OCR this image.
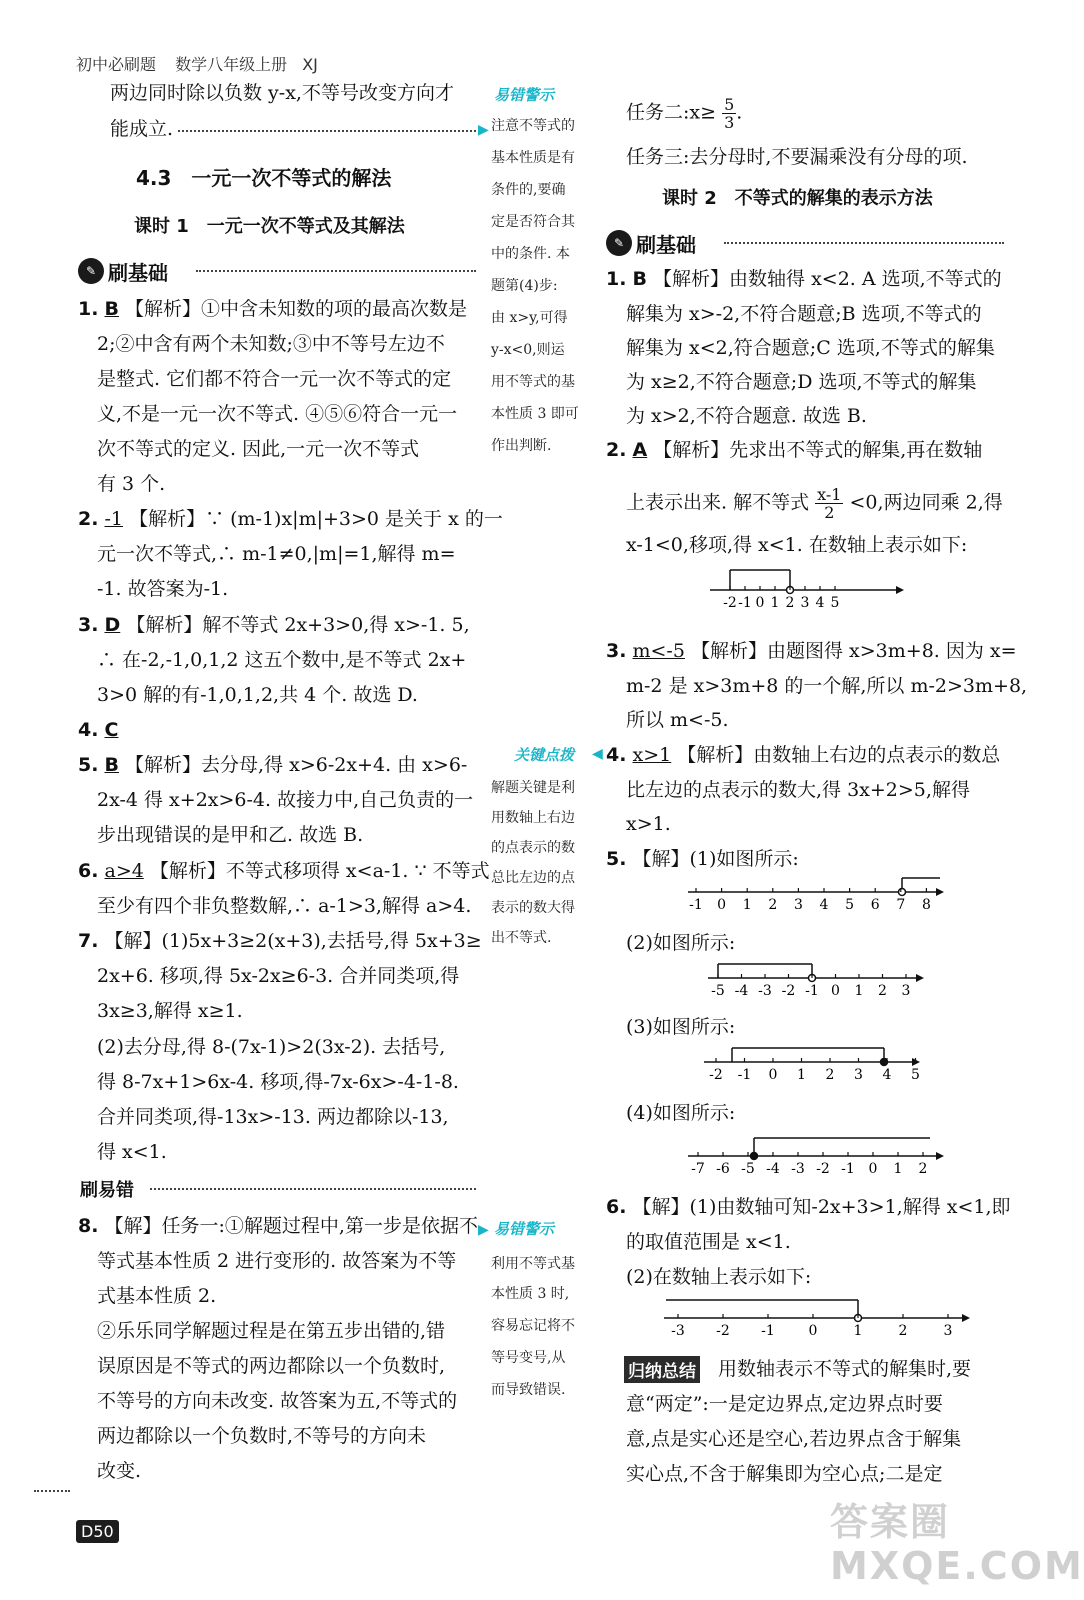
初中必刷题 数学八年级上册 XJ
两边同时除以负数 y-x,不等号改变方向才
能成立.
4.3　一元一次不等式的解法
课时 1　一元一次不等式及其解法
✎ 刷基础
1. B 【解析】①中含未知数的项的最高次数是
2;②中含有两个未知数;③中不等号左边不
是整式. 它们都不符合一元一次不等式的定
义,不是一元一次不等式. ④⑤⑥符合一元一
次不等式的定义. 因此,一元一次不等式
有 3 个.
2. -1 【解析】∵ (m-1)x|m|+3>0 是关于 x 的一
元一次不等式,∴ m-1≠0,|m|=1,解得 m=
-1. 故答案为-1.
3. D 【解析】解不等式 2x+3>0,得 x>-1. 5,
∴ 在-2,-1,0,1,2 这五个数中,是不等式 2x+
3>0 解的有-1,0,1,2,共 4 个. 故选 D.
4. C
5. B 【解析】去分母,得 x>6-2x+4. 由 x>6-
2x-4 得 x+2x>6-4. 故接力中,自己负责的一
步出现错误的是甲和乙. 故选 B.
6. a>4 【解析】不等式移项得 x<a-1. ∵ 不等式
至少有四个非负整数解,∴ a-1>3,解得 a>4.
7. 【解】(1)5x+3≥2(x+3),去括号,得 5x+3≥
2x+6. 移项,得 5x-2x≥6-3. 合并同类项,得
3x≥3,解得 x≥1.
(2)去分母,得 8-(7x-1)>2(3x-2). 去括号,
得 8-7x+1>6x-4. 移项,得-7x-6x>-4-1-8.
合并同类项,得-13x>-13. 两边都除以-13,
得 x<1.
刷易错
8. 【解】任务一:①解题过程中,第一步是依据不
等式基本性质 2 进行变形的. 故答案为不等
式基本性质 2.
②乐乐同学解题过程是在第五步出错的,错
误原因是不等式的两边都除以一个负数时,
不等号的方向未改变. 故答案为五,不等式的
两边都除以一个负数时,不等号的方向未
改变.
D50
易错警示
▶ 注意不等式的
基本性质是有
条件的,要确
定是否符合其
中的条件. 本
题第(4)步:
由 x>y,可得
y-x<0,则运
用不等式的基
本性质 3 即可
作出判断.
关键点拨 ◀
解题关键是利
用数轴上右边
的点表示的数
总比左边的点
表示的数大得
出不等式.
▶ 易错警示
利用不等式基
本性质 3 时,
容易忘记将不
等号变号,从
而导致错误.
任务二:x≥ $\frac{5}{3}$ .
任务三:去分母时,不要漏乘没有分母的项.
课时 2　不等式的解集的表示方法
✎ 刷基础
1. B 【解析】由数轴得 x<2. A 选项,不等式的
解集为 x>-2,不符合题意;B 选项,不等式的
解集为 x<2,符合题意;C 选项,不等式的解集
为 x≥2,不符合题意;D 选项,不等式的解集
为 x>2,不符合题意. 故选 B.
2. A 【解析】先求出不等式的解集,再在数轴
上表示出来. 解不等式 $\frac{x-1}{2} <0$,两边同乘 2,得
x-1<0,移项,得 x<1. 在数轴上表示如下:
-2 -1 0 1 2 3 4 5
3. m<-5 【解析】由题图得 x>3m+8. 因为 x=
m-2 是 x>3m+8 的一个解,所以 m-2>3m+8,
所以 m<-5.
4. x>1 【解析】由数轴上右边的点表示的数总
比左边的点表示的数大,得 3x+2>5,解得
x>1.
5. 【解】(1)如图所示:
-1 0 1 2 3 4 5 6 7 8
(2)如图所示:
-5 -4 -3 -2 -1 0 1 2 3
(3)如图所示:
-2 -1 0 1 2 3 4 5
(4)如图所示:
-7 -6 -5 -4 -3 -2 -1 0 1 2
6. 【解】(1)由数轴可知-2x+3>1,解得 x<1,即
的取值范围是 x<1.
(2)在数轴上表示如下:
-3 -2 -1 0	1	2	3
归纳总结 用数轴表示不等式的解集时,要
意“两定”:一是定边界点,定边界点时要
意,点是实心还是空心,若边界点含于解集
实心点,不含于解集即为空心点;二是定
答案圈 MXQE.COM
